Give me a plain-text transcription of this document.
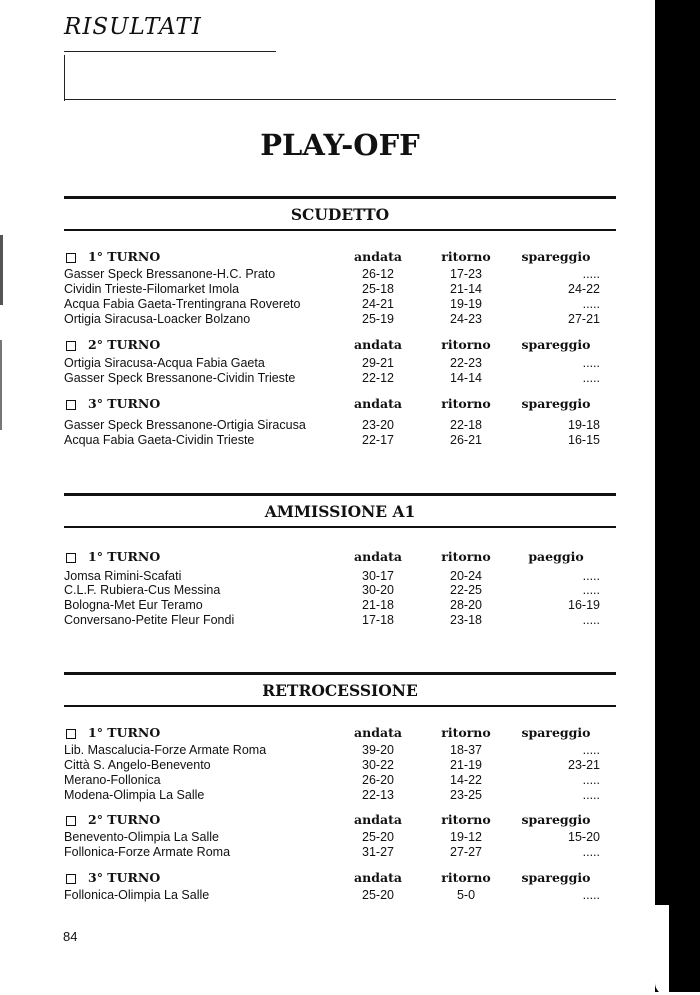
RISULTATI
PLAY-OFF
SCUDETTO
1° TURNO	andata	ritorno	spareggio
Gasser Speck Bressanone-H.C. Prato	26-12	17-23	.....
Cividin Trieste-Filomarket Imola	25-18	21-14	24-22
Acqua Fabia Gaeta-Trentingrana Rovereto	24-21	19-19	.....
Ortigia Siracusa-Loacker Bolzano	25-19	24-23	27-21
2° TURNO	andata	ritorno	spareggio
Ortigia Siracusa-Acqua Fabia Gaeta	29-21	22-23	.....
Gasser Speck Bressanone-Cividin Trieste	22-12	14-14	.....
3° TURNO	andata	ritorno	spareggio
Gasser Speck Bressanone-Ortigia Siracusa	23-20	22-18	19-18
Acqua Fabia Gaeta-Cividin Trieste	22-17	26-21	16-15
AMMISSIONE A1
1° TURNO	andata	ritorno	paeggio
Jomsa Rimini-Scafati	30-17	20-24	.....
C.L.F. Rubiera-Cus Messina	30-20	22-25	.....
Bologna-Met Eur Teramo	21-18	28-20	16-19
Conversano-Petite Fleur Fondi	17-18	23-18	.....
RETROCESSIONE
1° TURNO	andata	ritorno	spareggio
Lib. Mascalucia-Forze Armate Roma	39-20	18-37	.....
Città S. Angelo-Benevento	30-22	21-19	23-21
Merano-Follonica	26-20	14-22	.....
Modena-Olimpia La Salle	22-13	23-25	.....
2° TURNO	andata	ritorno	spareggio
Benevento-Olimpia La Salle	25-20	19-12	15-20
Follonica-Forze Armate Roma	31-27	27-27	.....
3° TURNO	andata	ritorno	spareggio
Follonica-Olimpia La Salle	25-20	5-0	.....
84
